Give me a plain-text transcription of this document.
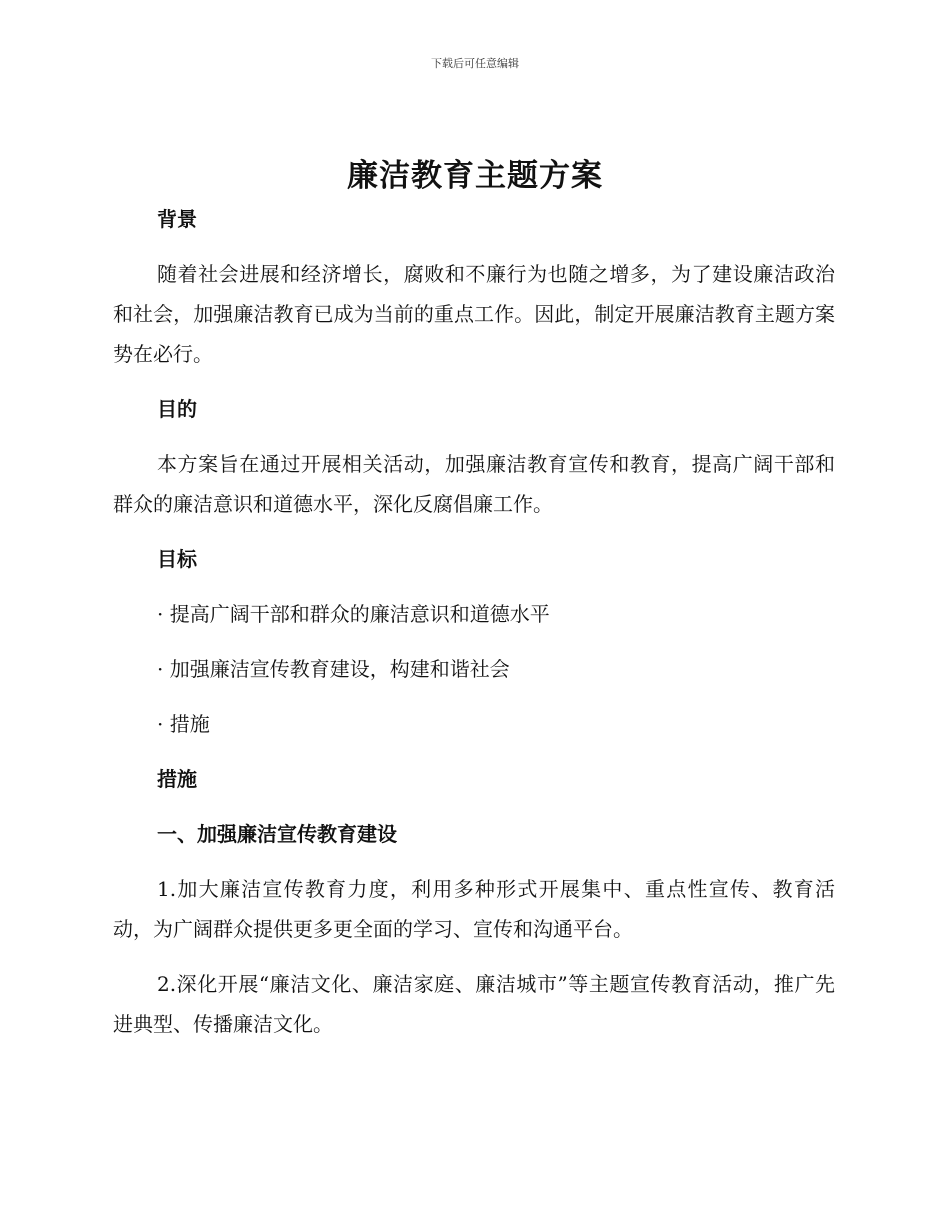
下载后可任意编辑
廉洁教育主题方案

背景

随着社会进展和经济增长，腐败和不廉行为也随之增多，为了建设廉洁政治和社会，加强廉洁教育已成为当前的重点工作。因此，制定开展廉洁教育主题方案势在必行。

目的

本方案旨在通过开展相关活动，加强廉洁教育宣传和教育，提高广阔干部和群众的廉洁意识和道德水平，深化反腐倡廉工作。

目标

· 提高广阔干部和群众的廉洁意识和道德水平

· 加强廉洁宣传教育建设，构建和谐社会

· 措施

措施

一、加强廉洁宣传教育建设

1.加大廉洁宣传教育力度，利用多种形式开展集中、重点性宣传、教育活动，为广阔群众提供更多更全面的学习、宣传和沟通平台。

2.深化开展“廉洁文化、廉洁家庭、廉洁城市”等主题宣传教育活动，推广先进典型、传播廉洁文化。
